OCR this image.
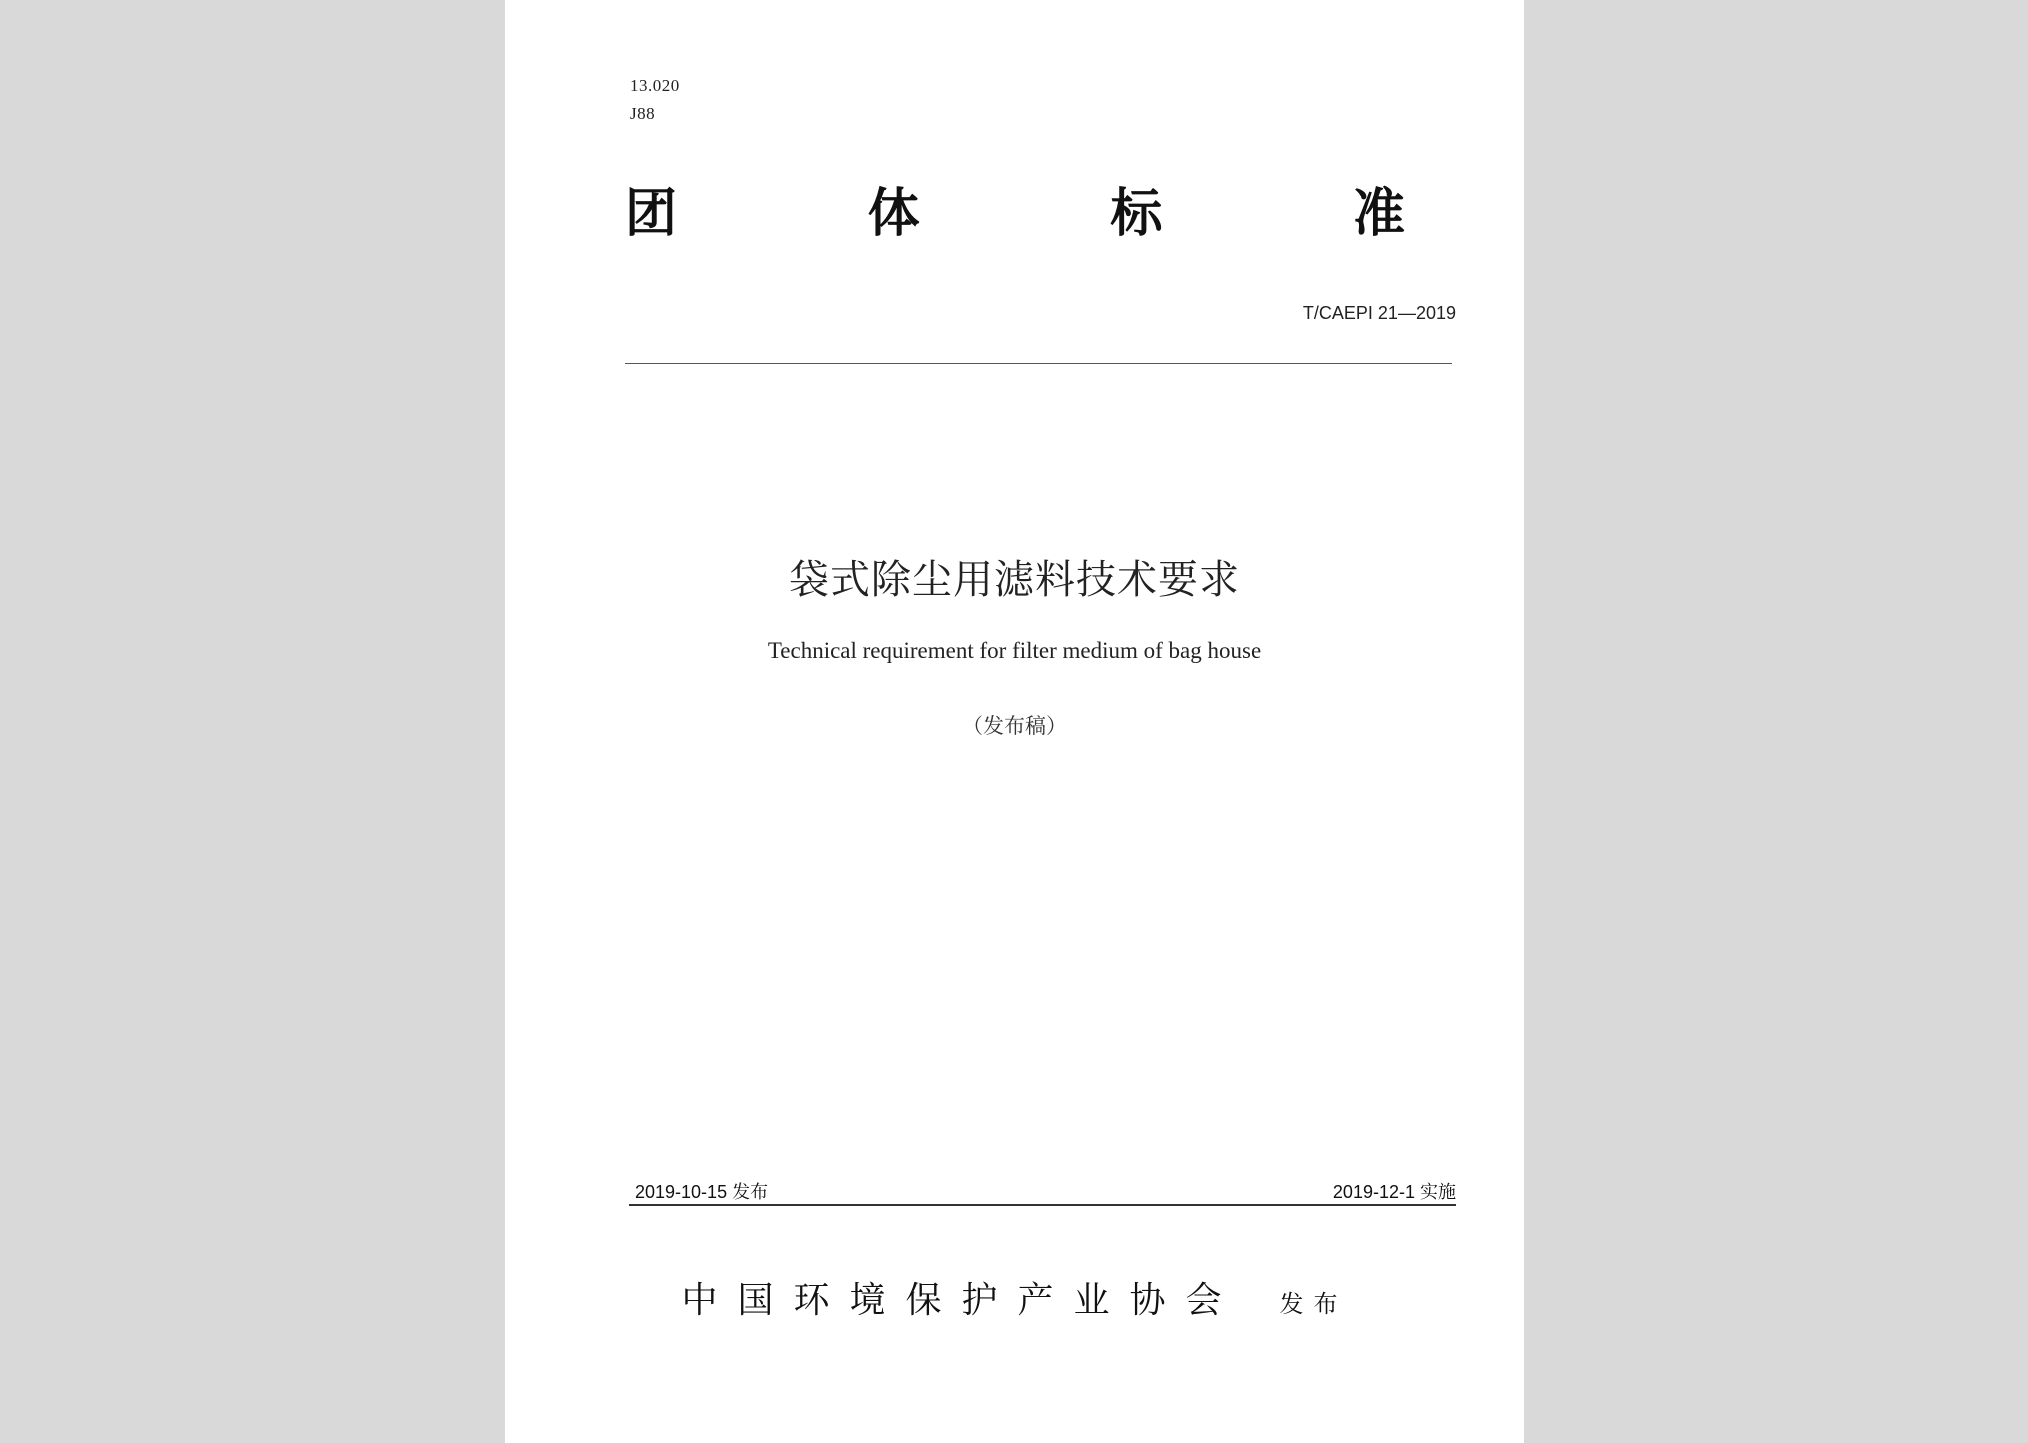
13.020
J88
团	体	标	准
T/CAEPI 21—2019
袋式除尘用滤料技术要求
Technical requirement for filter medium of bag house
（发布稿）
2019-10-15 发布	2019-12-1 实施
中国环境保护产业协会 发布
